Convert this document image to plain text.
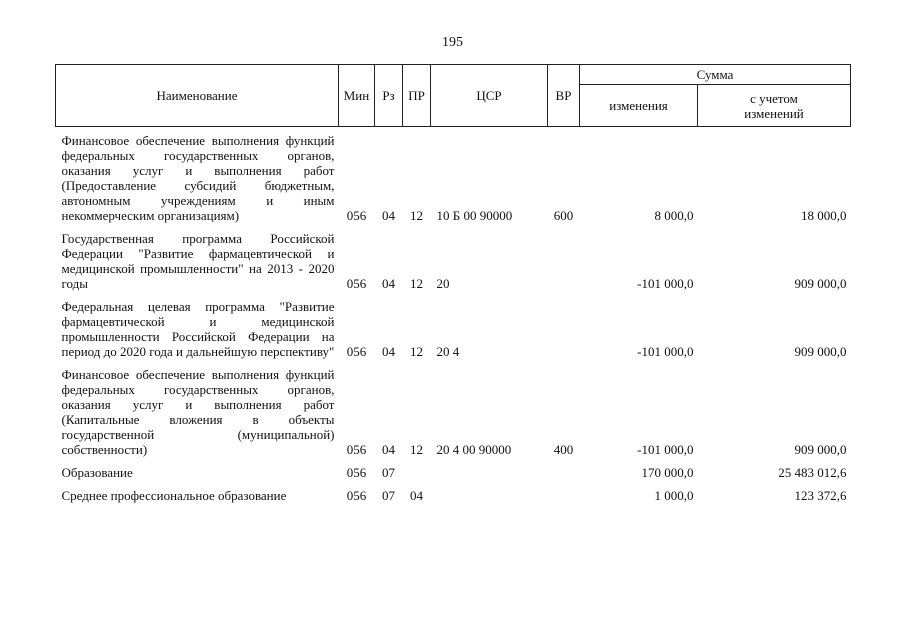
195
Наименование	Мин	Рз	ПР	ЦСР	ВР	Сумма	
						изменения	с учетом изменений
Финансовое обеспечение выполнения функций федеральных государственных органов, оказания услуг и выполнения работ (Предоставление субсидий бюджетным, автономным учреждениям и иным некоммерческим организациям)	056	04	12	10 Б 00 90000	600	8 000,0	18 000,0
Государственная программа Российской Федерации "Развитие фармацевтической и медицинской промышленности" на 2013 - 2020 годы	056	04	12	20		-101 000,0	909 000,0
Федеральная целевая программа "Развитие фармацевтической и медицинской промышленности Российской Федерации на период до 2020 года и дальнейшую перспективу"	056	04	12	20 4		-101 000,0	909 000,0
Финансовое обеспечение выполнения функций федеральных государственных органов, оказания услуг и выполнения работ (Капитальные вложения в объекты государственной (муниципальной) собственности)	056	04	12	20 4 00 90000	400	-101 000,0	909 000,0
Образование	056	07				170 000,0	25 483 012,6
Среднее профессиональное образование	056	07	04			1 000,0	123 372,6
